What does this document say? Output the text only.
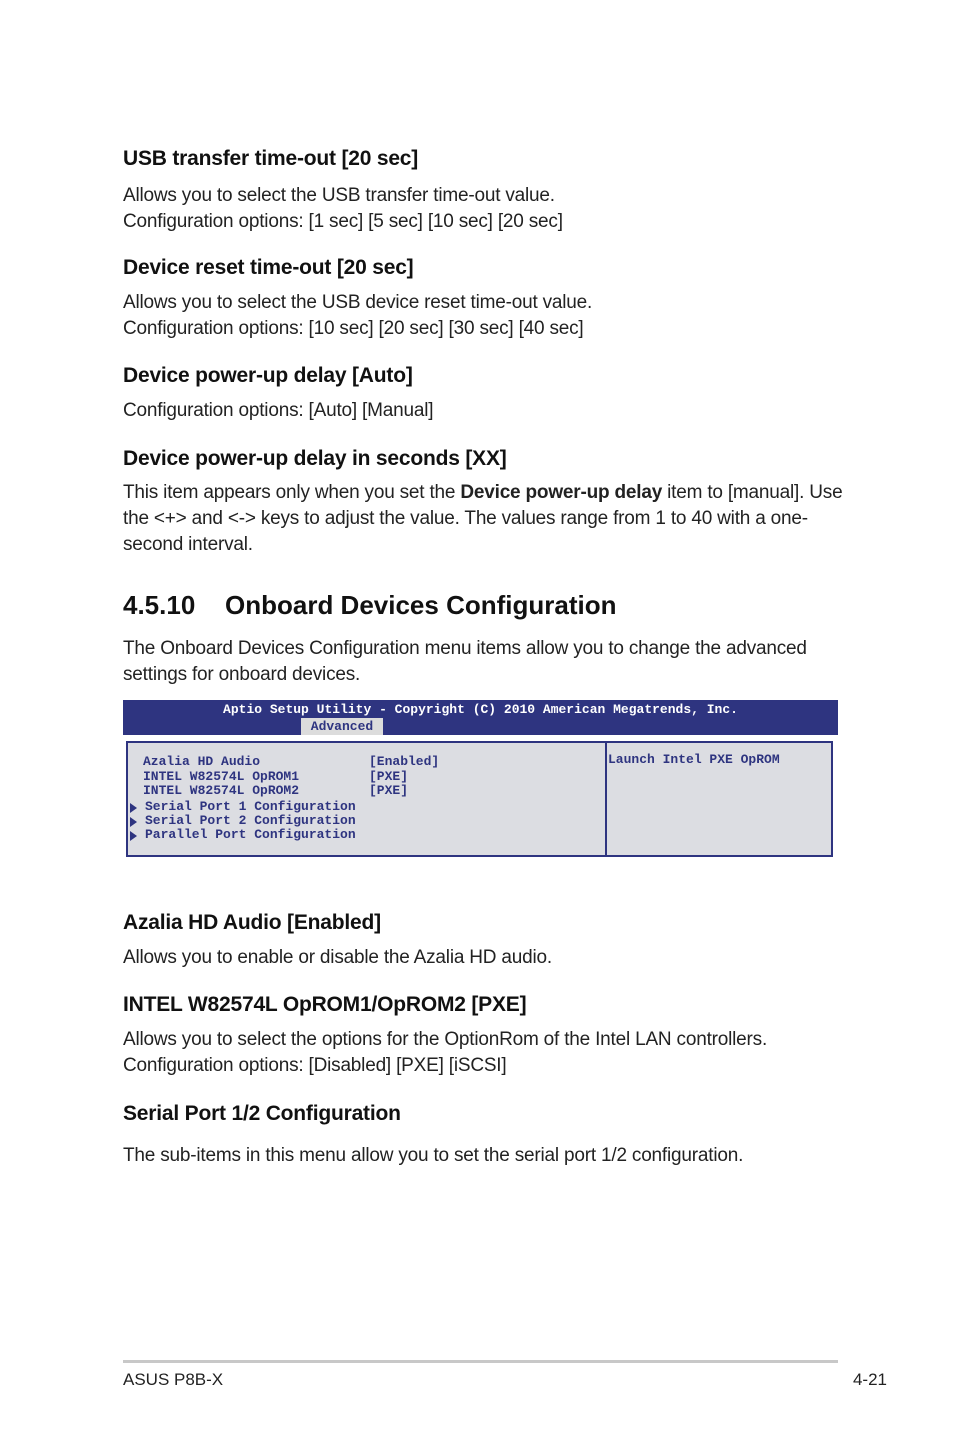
USB transfer time-out [20 sec]
Allows you to select the USB transfer time-out value.
Configuration options: [1 sec] [5 sec] [10 sec] [20 sec]
Device reset time-out [20 sec]
Allows you to select the USB device reset time-out value.
Configuration options: [10 sec] [20 sec] [30 sec] [40 sec]
Device power-up delay [Auto]
Configuration options: [Auto] [Manual]
Device power-up delay in seconds [XX]
This item appears only when you set the Device power-up delay item to [manual]. Use the <+> and <-> keys to adjust the value. The values range from 1 to 40 with a one-second interval.
4.5.10 Onboard Devices Configuration
The Onboard Devices Configuration menu items allow you to change the advanced settings for onboard devices.
Aptio Setup Utility - Copyright (C) 2010 American Megatrends, Inc.
Advanced
Azalia HD Audio	[Enabled]
INTEL W82574L OpROM1	[PXE]
INTEL W82574L OpROM2	[PXE]
Serial Port 1 Configuration
Serial Port 2 Configuration
Parallel Port Configuration
Launch Intel PXE OpROM
Azalia HD Audio [Enabled]
Allows you to enable or disable the Azalia HD audio.
INTEL W82574L OpROM1/OpROM2 [PXE]
Allows you to select the options for the OptionRom of the Intel LAN controllers.
Configuration options: [Disabled] [PXE] [iSCSI]
Serial Port 1/2 Configuration
The sub-items in this menu allow you to set the serial port 1/2 configuration.
ASUS P8B-X	4-21
